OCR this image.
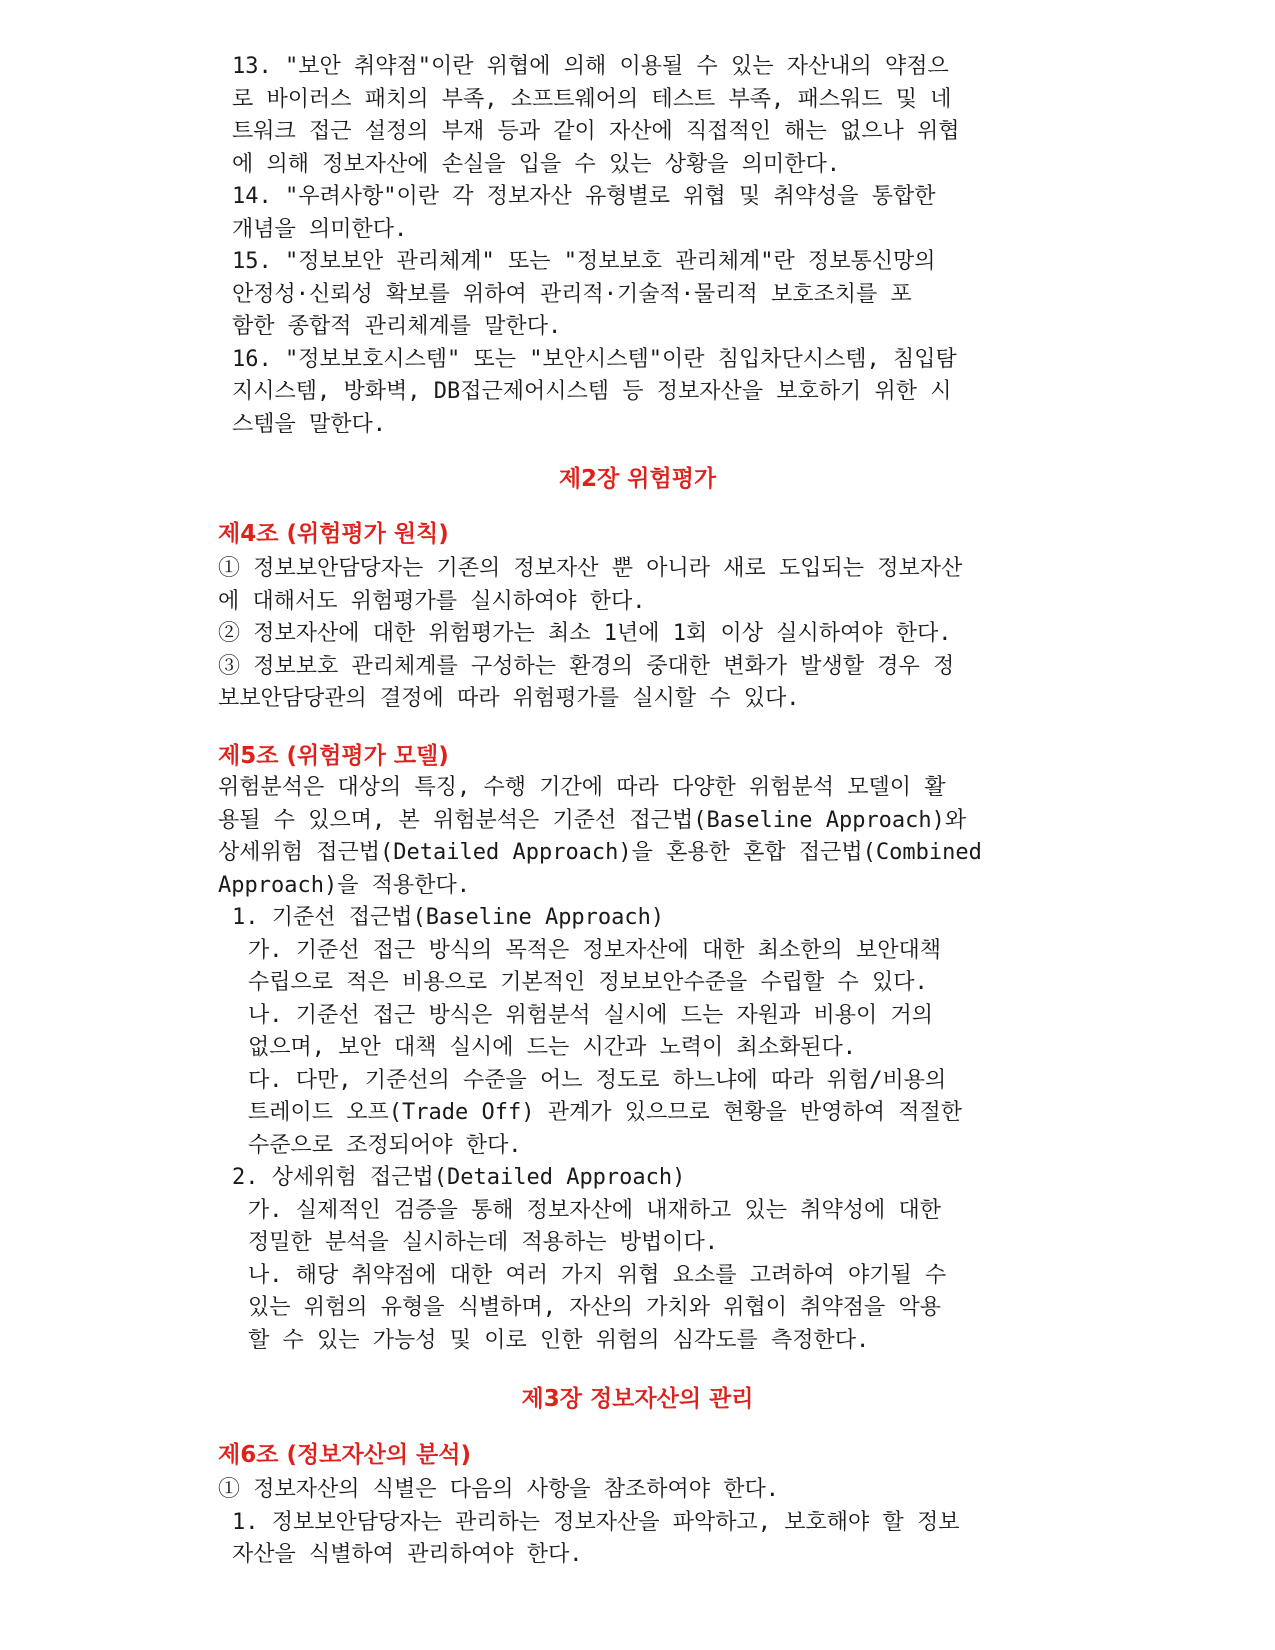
13. "보안 취약점"이란 위협에 의해 이용될 수 있는 자산내의 약점으
로 바이러스 패치의 부족, 소프트웨어의 테스트 부족, 패스워드 및 네
트워크 접근 설정의 부재 등과 같이 자산에 직접적인 해는 없으나 위협
에 의해 정보자산에 손실을 입을 수 있는 상황을 의미한다.

14. "우려사항"이란 각 정보자산 유형별로 위협 및 취약성을 통합한
개념을 의미한다.

15. "정보보안 관리체계" 또는 "정보보호 관리체계"란 정보통신망의
안정성·신뢰성 확보를 위하여 관리적·기술적·물리적 보호조치를 포
함한 종합적 관리체계를 말한다.

16. "정보보호시스템" 또는 "보안시스템"이란 침입차단시스템, 침입탐
지시스템, 방화벽, DB접근제어시스템 등 정보자산을 보호하기 위한 시
스템을 말한다.

제2장 위험평가
제4조 (위험평가 원칙)

① 정보보안담당자는 기존의 정보자산 뿐 아니라 새로 도입되는 정보자산
에 대해서도 위험평가를 실시하여야 한다.

② 정보자산에 대한 위험평가는 최소 1년에 1회 이상 실시하여야 한다.

③ 정보보호 관리체계를 구성하는 환경의 중대한 변화가 발생할 경우 정
보보안담당관의 결정에 따라 위험평가를 실시할 수 있다.

제5조 (위험평가 모델)

위험분석은 대상의 특징, 수행 기간에 따라 다양한 위험분석 모델이 활
용될 수 있으며, 본 위험분석은 기준선 접근법(Baseline Approach)와
상세위험 접근법(Detailed Approach)을 혼용한 혼합 접근법(Combined
Approach)을 적용한다.

1. 기준선 접근법(Baseline Approach)

가. 기준선 접근 방식의 목적은 정보자산에 대한 최소한의 보안대책
수립으로 적은 비용으로 기본적인 정보보안수준을 수립할 수 있다.

나. 기준선 접근 방식은 위험분석 실시에 드는 자원과 비용이 거의
없으며, 보안 대책 실시에 드는 시간과 노력이 최소화된다.

다. 다만, 기준선의 수준을 어느 정도로 하느냐에 따라 위험/비용의
트레이드 오프(Trade Off) 관계가 있으므로 현황을 반영하여 적절한
수준으로 조정되어야 한다.

2. 상세위험 접근법(Detailed Approach)

가. 실제적인 검증을 통해 정보자산에 내재하고 있는 취약성에 대한
정밀한 분석을 실시하는데 적용하는 방법이다.

나. 해당 취약점에 대한 여러 가지 위협 요소를 고려하여 야기될 수
있는 위험의 유형을 식별하며, 자산의 가치와 위협이 취약점을 악용
할 수 있는 가능성 및 이로 인한 위험의 심각도를 측정한다.

제3장 정보자산의 관리
제6조 (정보자산의 분석)

① 정보자산의 식별은 다음의 사항을 참조하여야 한다.

1. 정보보안담당자는 관리하는 정보자산을 파악하고, 보호해야 할 정보
자산을 식별하여 관리하여야 한다.
